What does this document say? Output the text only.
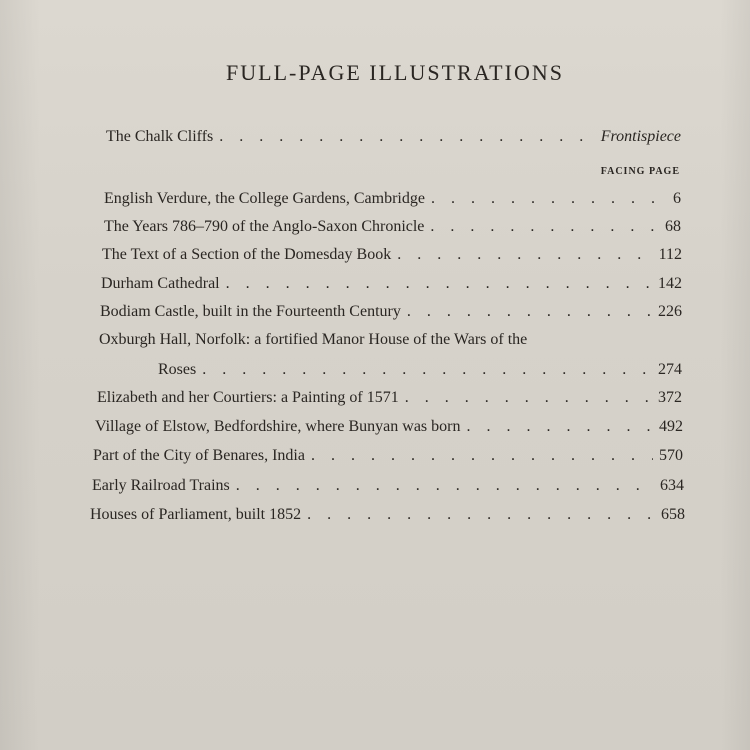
FULL-PAGE ILLUSTRATIONS
The Chalk Cliffs . . .	Frontispiece
FACING PAGE
English Verdure, the College Gardens, Cambridge . . .	6
The Years 786–790 of the Anglo-Saxon Chronicle . . .	68
The Text of a Section of the Domesday Book . . .	112
Durham Cathedral . . .	142
Bodiam Castle, built in the Fourteenth Century . . .	226
Oxburgh Hall, Norfolk: a fortified Manor House of the Wars of the
Roses . . .	274
Elizabeth and her Courtiers: a Painting of 1571 . . .	372
Village of Elstow, Bedfordshire, where Bunyan was born . . .	492
Part of the City of Benares, India . . .	570
Early Railroad Trains . . .	634
Houses of Parliament, built 1852 . . .	658
